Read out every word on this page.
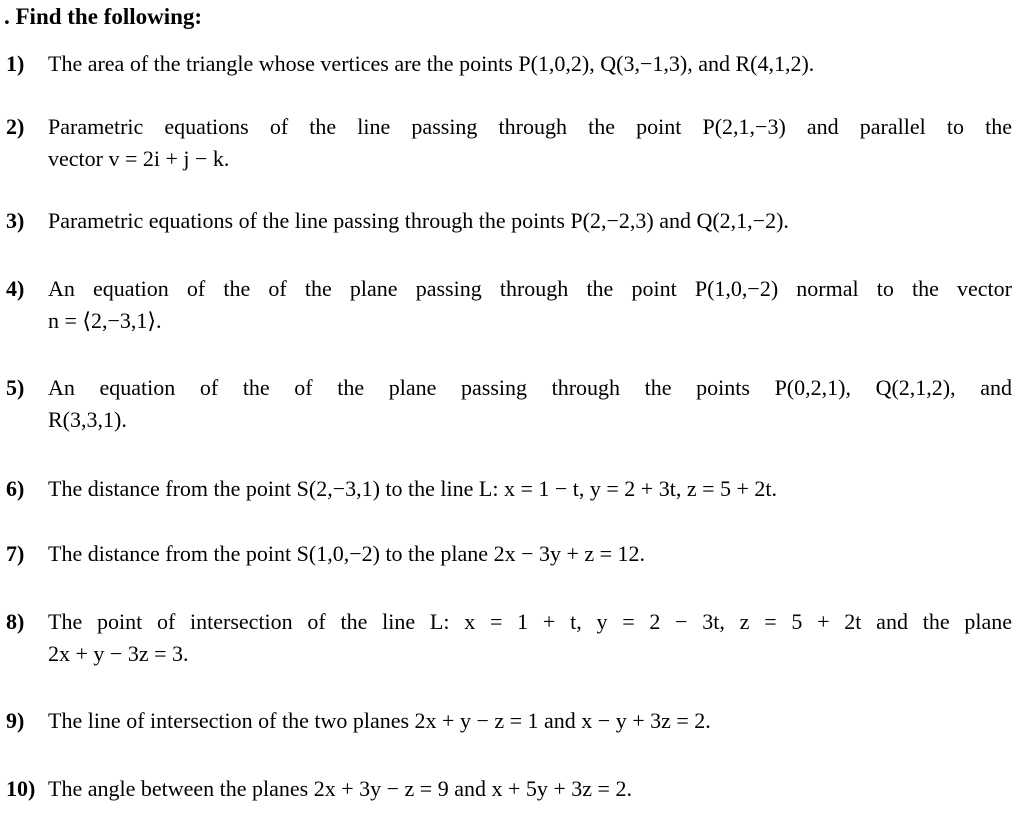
. Find the following:
1) The area of the triangle whose vertices are the points P(1,0,2), Q(3,−1,3), and R(4,1,2).
2) Parametric equations of the line passing through the point P(2,1,−3) and parallel to the
vector v = 2i + j − k.
3) Parametric equations of the line passing through the points P(2,−2,3) and Q(2,1,−2).
4) An equation of the of the plane passing through the point P(1,0,−2) normal to the vector
n = ⟨2,−3,1⟩.
5) An equation of the of the plane passing through the points P(0,2,1), Q(2,1,2), and
R(3,3,1).
6) The distance from the point S(2,−3,1) to the line L: x = 1 − t, y = 2 + 3t, z = 5 + 2t.
7) The distance from the point S(1,0,−2) to the plane 2x − 3y + z = 12.
8) The point of intersection of the line L: x = 1 + t, y = 2 − 3t, z = 5 + 2t and the plane
2x + y − 3z = 3.
9) The line of intersection of the two planes 2x + y − z = 1 and x − y + 3z = 2.
10) The angle between the planes 2x + 3y − z = 9 and x + 5y + 3z = 2.
